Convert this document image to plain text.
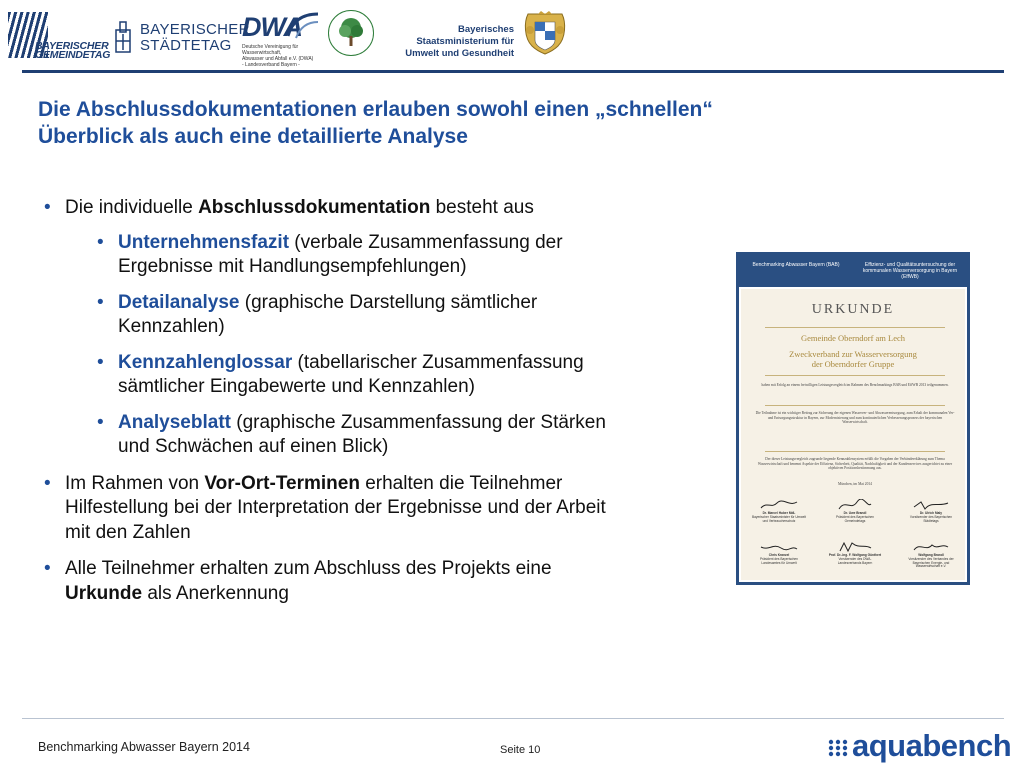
BAYERISCHER
GEMEINDETAG
BAYERISCHER
STÄDTETAG
DWA
Deutsche Vereinigung für Wasserwirtschaft,
Abwasser und Abfall e.V. (DWA)
- Landesverband Bayern -
Bayerisches Staatsministerium für
Umwelt und Gesundheit
Die Abschlussdokumentationen erlauben sowohl einen „schnellen“
Überblick als auch eine detaillierte Analyse
• Die individuelle Abschlussdokumentation besteht aus
• Unternehmensfazit (verbale Zusammenfassung der Ergebnisse mit Handlungsempfehlungen)
• Detailanalyse (graphische Darstellung sämtlicher Kennzahlen)
• Kennzahlenglossar (tabellarischer Zusammenfassung sämtlicher Eingabewerte und Kennzahlen)
• Analyseblatt (graphische Zusammenfassung der Stärken und Schwächen auf einen Blick)
• Im Rahmen von Vor-Ort-Terminen erhalten die Teilnehmer Hilfestellung bei der Interpretation der Ergebnisse und der Arbeit mit den Zahlen
• Alle Teilnehmer erhalten zum Abschluss des Projekts eine Urkunde als Anerkennung
Benchmarking Abwasser Bayern (BAB)	Effizienz- und Qualitätsuntersuchung der kommunalen Wasserversorgung in Bayern (EffWB)
URKUNDE
Gemeinde Oberndorf am Lech
Zweckverband zur Wasserversorgung
der Oberndorfer Gruppe
haben mit Erfolg an einem freiwilligen Leistungsvergleich im Rahmen des Benchmarkings BAB und EffWB 2013 teilgenommen.
Die Teilnahme ist ein wichtiger Beitrag zur Sicherung der eigenen Wasserver- und Abwasserentsorgung, zum Erhalt der kommunalen Ver- und Entsorgungsstruktur in Bayern, zur Modernisierung und zum kontinuierlichen Verbesserungsprozess der bayerischen Wasserwirtschaft.
Der dieser Leistungsvergleich zugrunde liegende Kennzahlensystem erfüllt die Vorgaben der Verbändeerklärung zum Thema Wasserwirtschaft und benennt Aspekte der Effizienz, Sicherheit, Qualität, Nachhaltigkeit und der Kundenservices ausgerichtet zu einer objektiven Positionsbestimmung aus.
München, im Mai 2014
Dr. Marcel Huber MdL
Bayerischer Staatsminister für Umwelt und Verbraucherschutz
Dr. Uwe Brandl
Präsident des Bayerischen Gemeindetags
Dr. Ulrich Maly
Vorsitzender des Bayerischen Städtetags
Chris Kranzel
Präsident des Bayerischen Landesamtes für Umwelt
Prof. Dr.-Ing. F. Wolfgang Günthert
Vorsitzender des DWA-Landesverbands Bayern
Wolfgang Brandl
Vorsitzender des Verbandes der Bayerischen Energie- und Wasserwirtschaft e.V.
Benchmarking Abwasser Bayern 2014	Seite 10	aquabench
